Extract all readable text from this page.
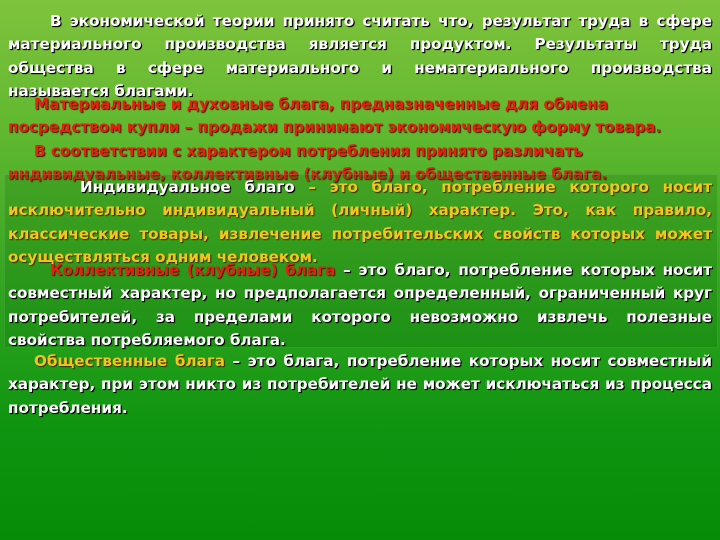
В экономической теории принято считать что, результат труда в сфере материального производства является продуктом. Результаты труда общества в сфере материального и нематериального производства называется благами.
Материальные и духовные блага, предназначенные для обмена посредством купли – продажи принимают экономическую форму товара.
В соответствии с характером потребления принято различать индивидуальные, коллективные (клубные) и общественные блага.
Индивидуальное благо – это благо, потребление которого носит исключительно индивидуальный (личный) характер. Это, как правило, классические товары, извлечение потребительских свойств которых может осуществляться одним человеком.
Коллективные (клубные) блага – это благо, потребление которых носит совместный характер, но предполагается определенный, ограниченный круг потребителей, за пределами которого невозможно извлечь полезные свойства потребляемого блага.
Общественные блага – это блага, потребление которых носит совместный характер, при этом никто из потребителей не может исключаться из процесса потребления.
